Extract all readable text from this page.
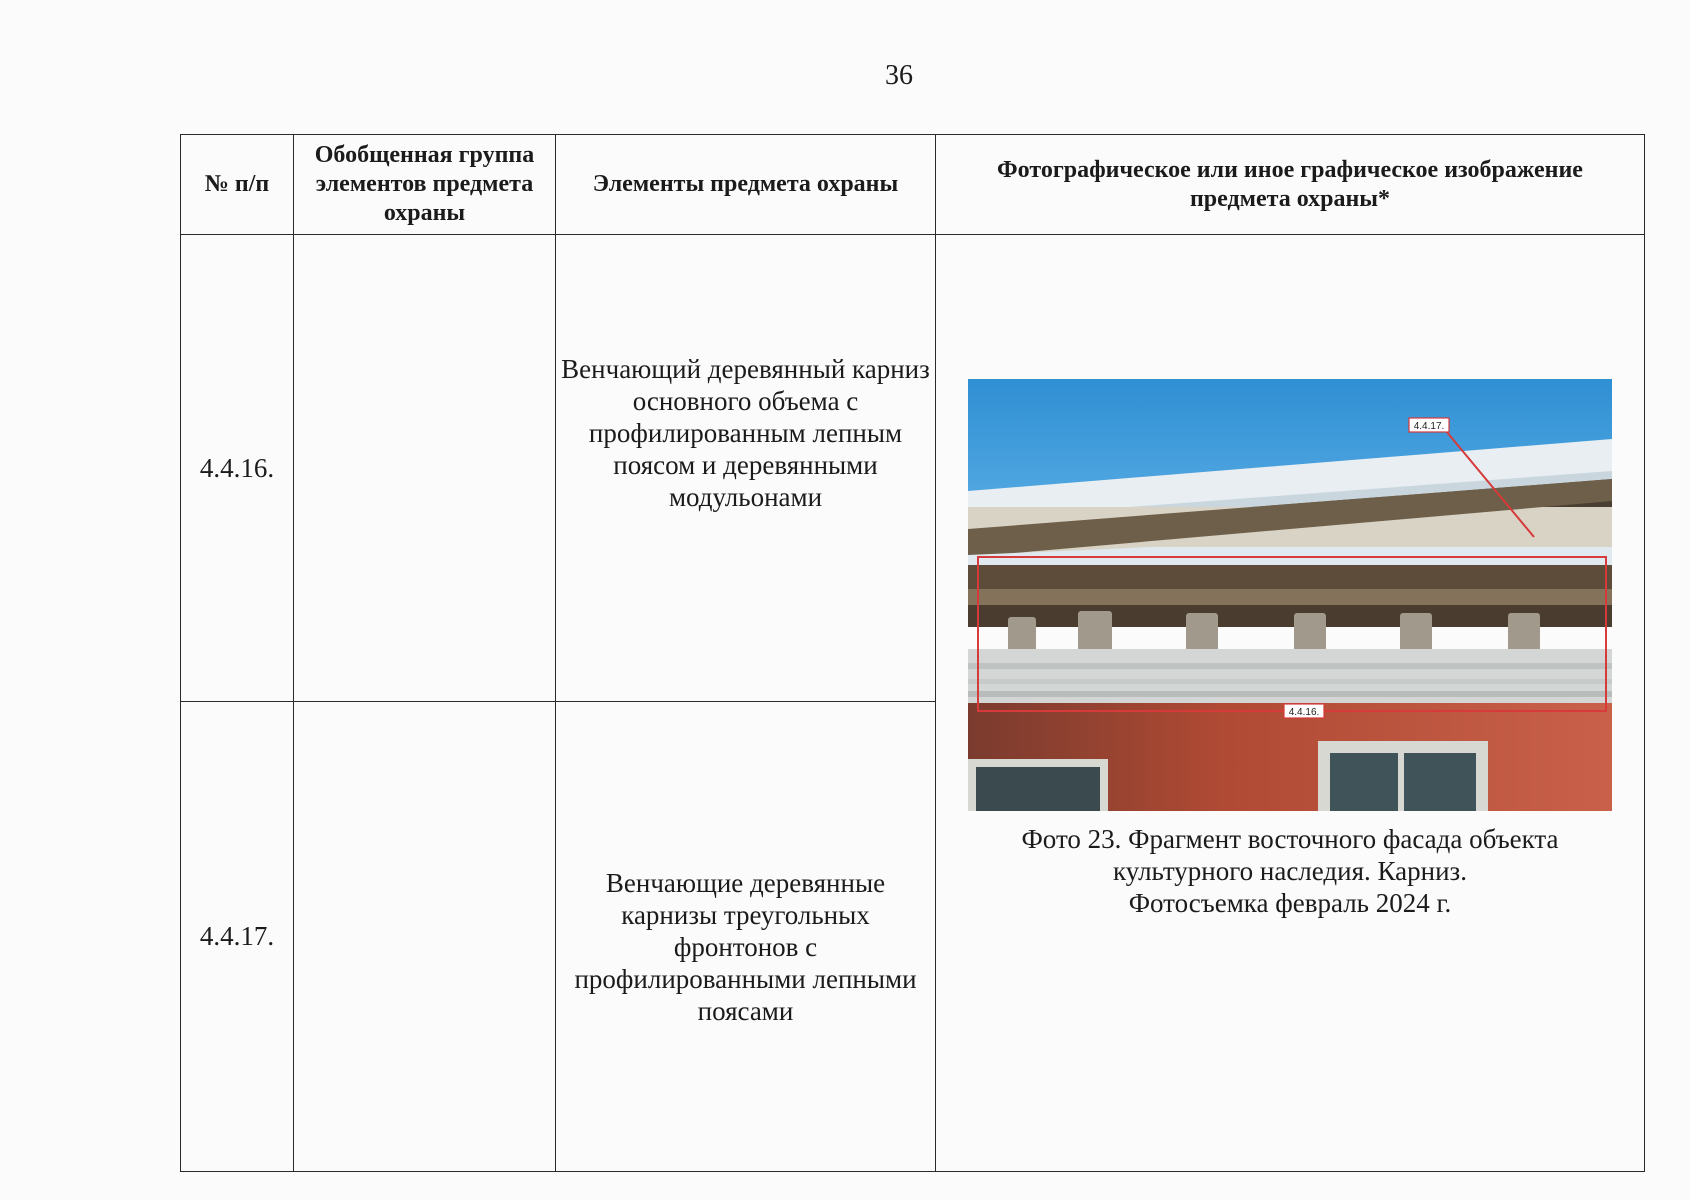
36
№ п/п	Обобщенная группа элементов предмета охраны	Элементы предмета охраны	Фотографическое или иное графическое изображение предмета охраны*
4.4.16.		Венчающий деревянный карниз основного объема с профилированным лепным поясом и деревянными модульонами	4.4.17.
4.4.16.
Фото 23. Фрагмент восточного фасада объекта
культурного наследия. Карниз.
Фотосъемка февраль 2024 г.

4.4.17.		Венчающие деревянные карнизы треугольных фронтонов с профилированными лепными поясами	
